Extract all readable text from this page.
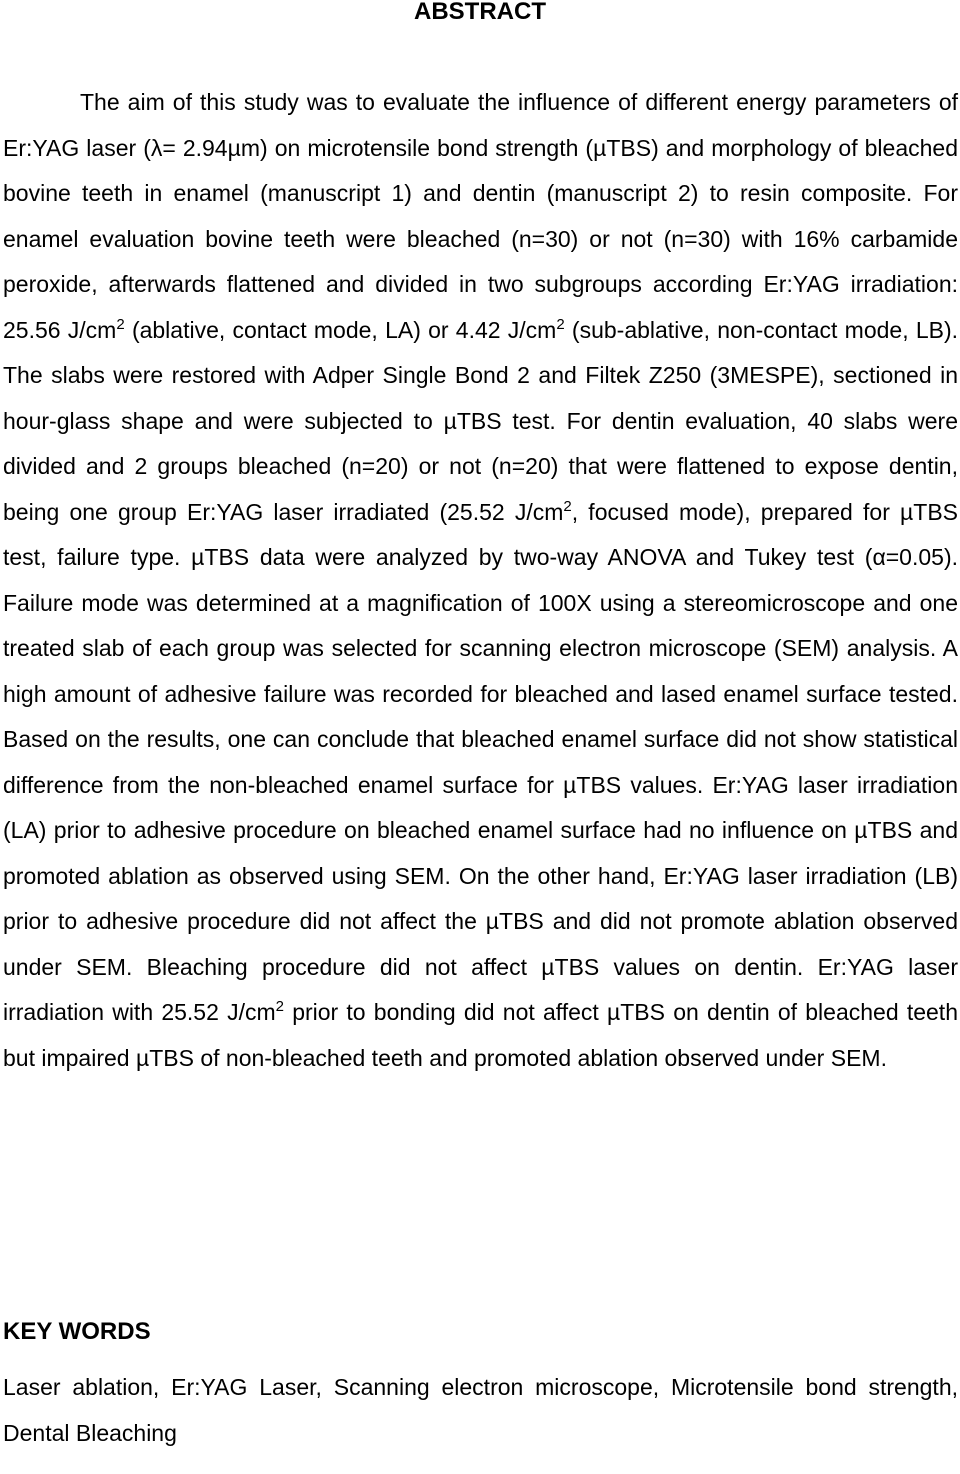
ABSTRACT

The aim of this study was to evaluate the influence of different energy parameters of Er:YAG laser (λ= 2.94µm) on microtensile bond strength (µTBS) and morphology of bleached bovine teeth in enamel (manuscript 1) and dentin (manuscript 2) to resin composite. For enamel evaluation bovine teeth were bleached (n=30) or not (n=30) with 16% carbamide peroxide, afterwards flattened and divided in two subgroups according Er:YAG irradiation: 25.56 $J/cm^2$ (ablative, contact mode, LA) or 4.42 $J/cm^2$ (sub-ablative, non-contact mode, LB). The slabs were restored with Adper Single Bond 2 and Filtek Z250 (3MESPE), sectioned in hour-glass shape and were subjected to µTBS test. For dentin evaluation, 40 slabs were divided and 2 groups bleached (n=20) or not (n=20) that were flattened to expose dentin, being one group Er:YAG laser irradiated (25.52 $J/cm^2$, focused mode), prepared for µTBS test, failure type. µTBS data were analyzed by two-way ANOVA and Tukey test (α=0.05). Failure mode was determined at a magnification of 100X using a stereomicroscope and one treated slab of each group was selected for scanning electron microscope (SEM) analysis. A high amount of adhesive failure was recorded for bleached and lased enamel surface tested. Based on the results, one can conclude that bleached enamel surface did not show statistical difference from the non-bleached enamel surface for µTBS values. Er:YAG laser irradiation (LA) prior to adhesive procedure on bleached enamel surface had no influence on µTBS and promoted ablation as observed using SEM. On the other hand, Er:YAG laser irradiation (LB) prior to adhesive procedure did not affect the µTBS and did not promote ablation observed under SEM. Bleaching procedure did not affect µTBS values on dentin. Er:YAG laser irradiation with 25.52 $J/cm^2$ prior to bonding did not affect µTBS on dentin of bleached teeth but impaired µTBS of non-bleached teeth and promoted ablation observed under SEM.

KEY WORDS

Laser ablation, Er:YAG Laser, Scanning electron microscope, Microtensile bond strength, Dental Bleaching
